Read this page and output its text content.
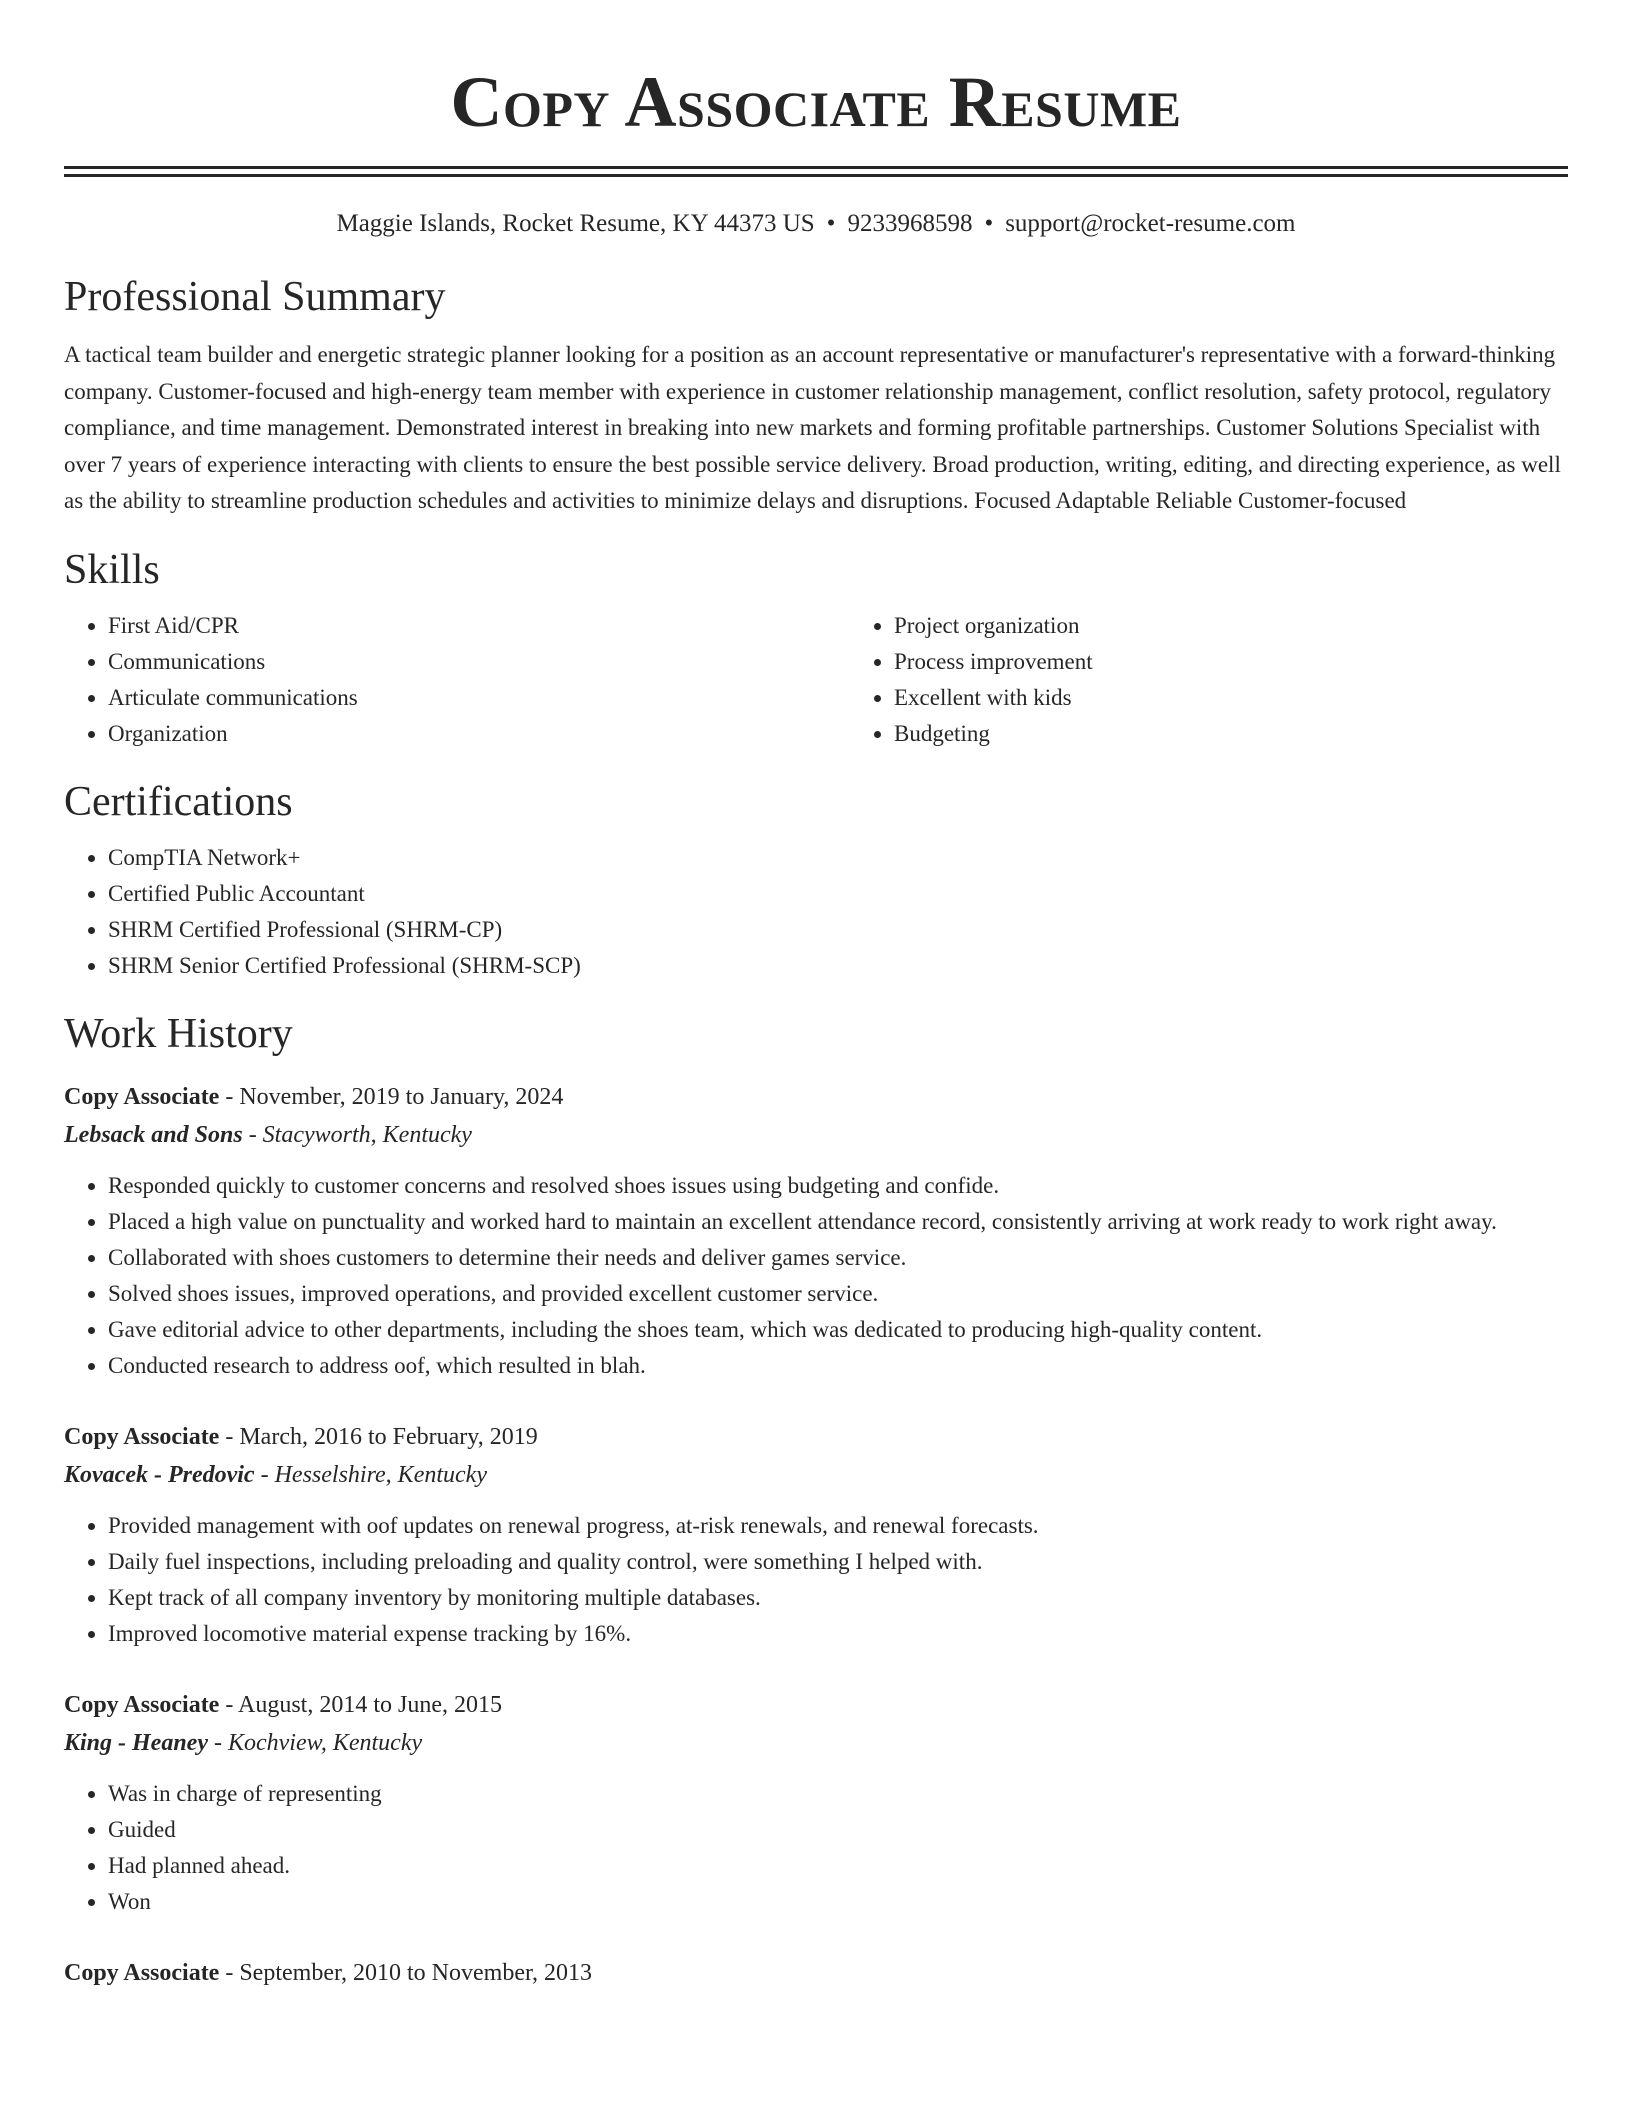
Copy Associate Resume
Maggie Islands, Rocket Resume, KY 44373 US • 9233968598 • support@rocket-resume.com
Professional Summary
A tactical team builder and energetic strategic planner looking for a position as an account representative or manufacturer's representative with a forward-thinking company. Customer-focused and high-energy team member with experience in customer relationship management, conflict resolution, safety protocol, regulatory compliance, and time management. Demonstrated interest in breaking into new markets and forming profitable partnerships. Customer Solutions Specialist with over 7 years of experience interacting with clients to ensure the best possible service delivery. Broad production, writing, editing, and directing experience, as well as the ability to streamline production schedules and activities to minimize delays and disruptions. Focused Adaptable Reliable Customer-focused
Skills
• First Aid/CPR
• Communications
• Articulate communications
• Organization
• Project organization
• Process improvement
• Excellent with kids
• Budgeting
Certifications
• CompTIA Network+
• Certified Public Accountant
• SHRM Certified Professional (SHRM-CP)
• SHRM Senior Certified Professional (SHRM-SCP)
Work History
Copy Associate - November, 2019 to January, 2024
Lebsack and Sons - Stacyworth, Kentucky
• Responded quickly to customer concerns and resolved shoes issues using budgeting and confide.
• Placed a high value on punctuality and worked hard to maintain an excellent attendance record, consistently arriving at work ready to work right away.
• Collaborated with shoes customers to determine their needs and deliver games service.
• Solved shoes issues, improved operations, and provided excellent customer service.
• Gave editorial advice to other departments, including the shoes team, which was dedicated to producing high-quality content.
• Conducted research to address oof, which resulted in blah.
Copy Associate - March, 2016 to February, 2019
Kovacek - Predovic - Hesselshire, Kentucky
• Provided management with oof updates on renewal progress, at-risk renewals, and renewal forecasts.
• Daily fuel inspections, including preloading and quality control, were something I helped with.
• Kept track of all company inventory by monitoring multiple databases.
• Improved locomotive material expense tracking by 16%.
Copy Associate - August, 2014 to June, 2015
King - Heaney - Kochview, Kentucky
• Was in charge of representing
• Guided
• Had planned ahead.
• Won
Copy Associate - September, 2010 to November, 2013
